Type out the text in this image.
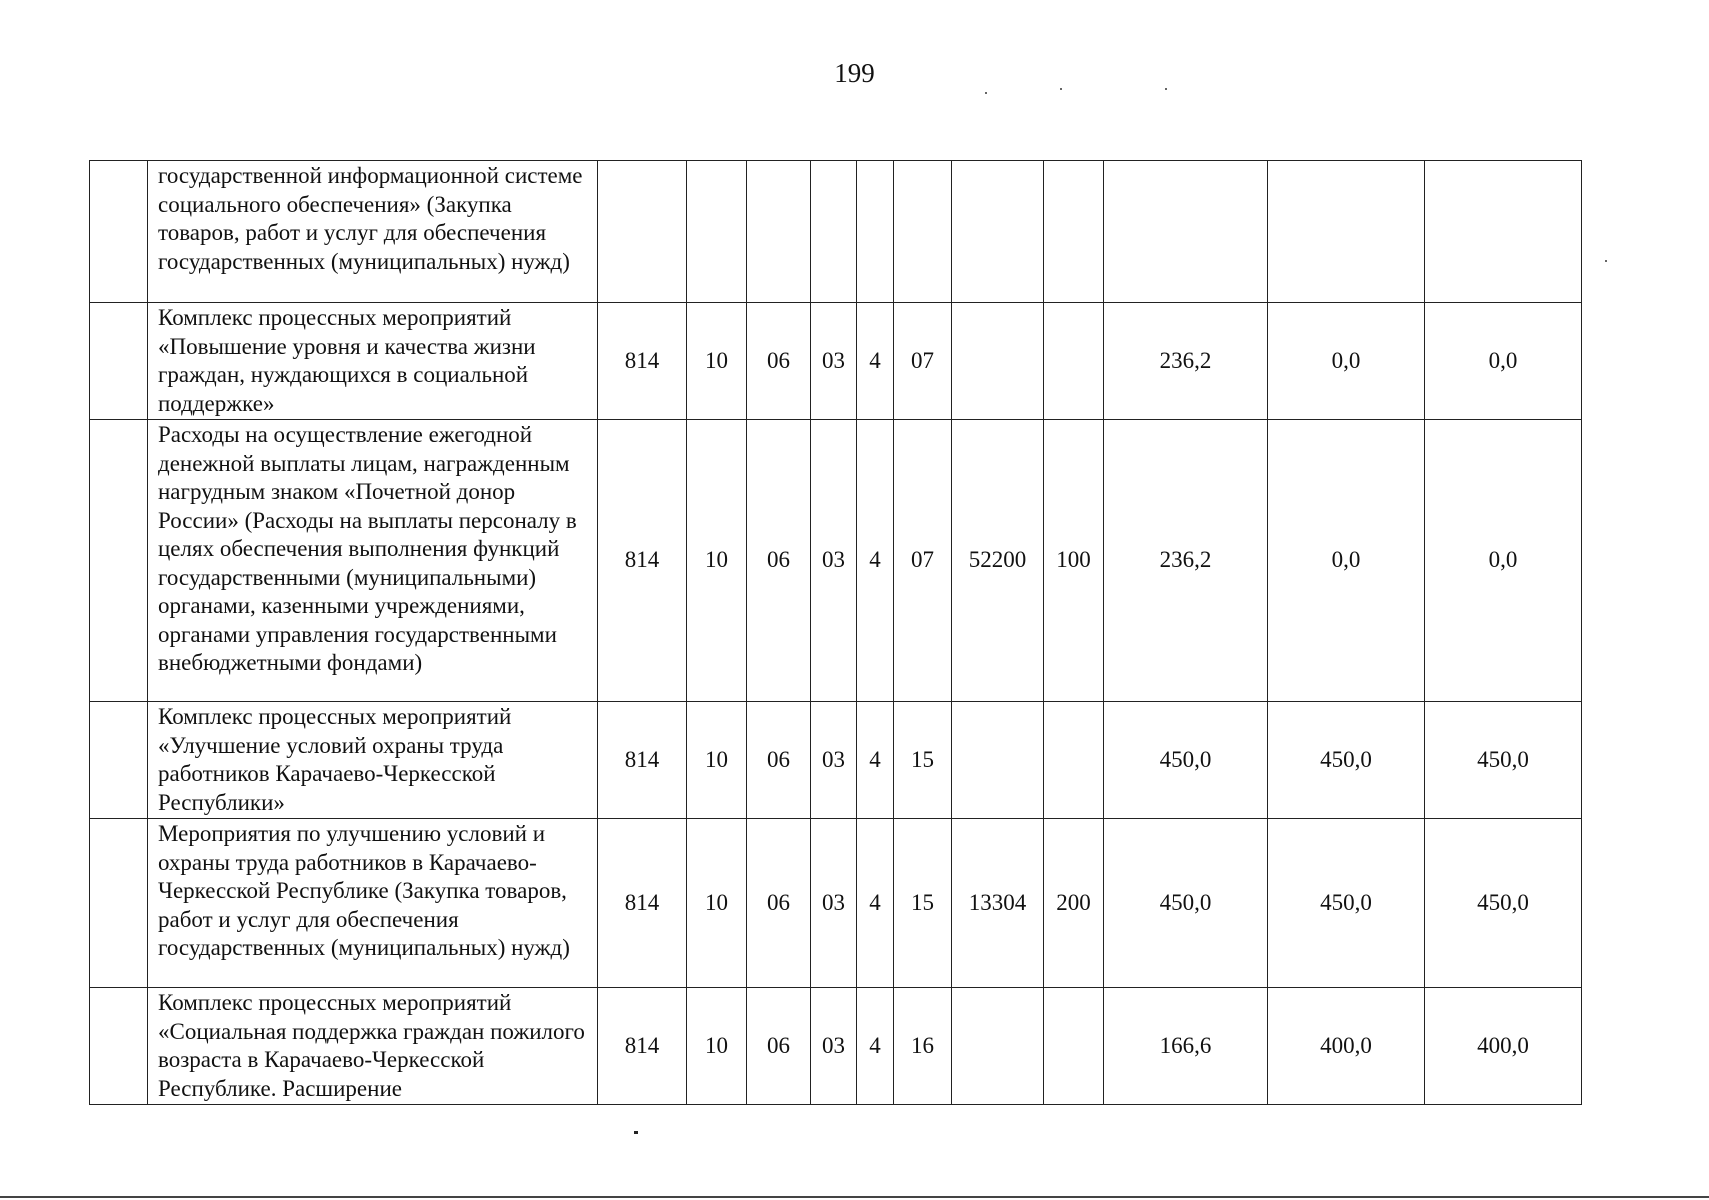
199
	государственной информационной системе социального обеспечения» (Закупка товаров, работ и услуг для обеспечения государственных (муниципальных) нужд)											
	Комплекс процессных мероприятий «Повышение уровня и качества жизни граждан, нуждающихся в социальной поддержке»	814	10	06	03	4	07			236,2	0,0	0,0
	Расходы на осуществление ежегодной денежной выплаты лицам, награжденным нагрудным знаком «Почетной донор России» (Расходы на выплаты персоналу в целях обеспечения выполнения функций государственными (муниципальными) органами, казенными учреждениями, органами управления государственными внебюджетными фондами)	814	10	06	03	4	07	52200	100	236,2	0,0	0,0
	Комплекс процессных мероприятий «Улучшение условий охраны труда работников Карачаево-Черкесской Республики»	814	10	06	03	4	15			450,0	450,0	450,0
	Мероприятия по улучшению условий и охраны труда работников в Карачаево-Черкесской Республике (Закупка товаров, работ и услуг для обеспечения государственных (муниципальных) нужд)	814	10	06	03	4	15	13304	200	450,0	450,0	450,0
	Комплекс процессных мероприятий «Социальная поддержка граждан пожилого возраста в Карачаево-Черкесской Республике. Расширение	814	10	06	03	4	16			166,6	400,0	400,0
